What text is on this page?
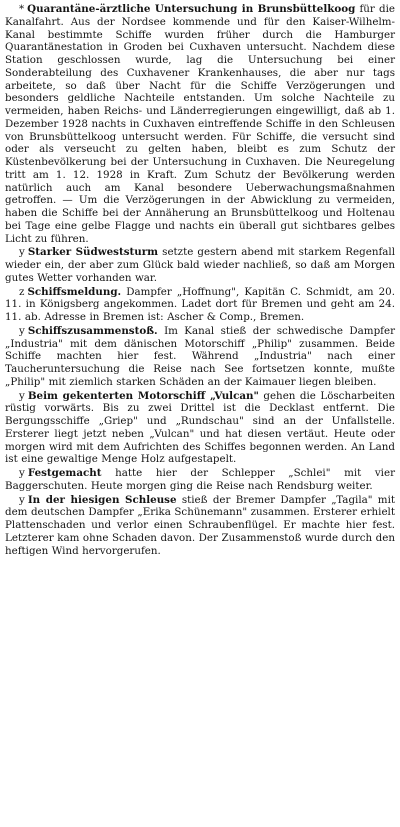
* Quarantäne-ärztliche Untersuchung in Brunsbüttelkoog für die Kanalfahrt. Aus der Nordsee kommende und für den Kaiser-Wilhelm-Kanal bestimmte Schiffe wurden früher durch die Hamburger Quarantänestation in Groden bei Cuxhaven untersucht. Nachdem diese Station geschlossen wurde, lag die Untersuchung bei einer Sonderabteilung des Cuxhavener Krankenhauses, die aber nur tags arbeitete, so daß über Nacht für die Schiffe Verzögerungen und besonders geldliche Nachteile entstanden. Um solche Nachteile zu vermeiden, haben Reichs- und Länderregierungen eingewilligt, daß ab 1. Dezember 1928 nachts in Cuxhaven eintreffende Schiffe in den Schleusen von Brunsbüttelkoog untersucht werden. Für Schiffe, die versucht sind oder als verseucht zu gelten haben, bleibt es zum Schutz der Küstenbevölkerung bei der Untersuchung in Cuxhaven. Die Neuregelung tritt am 1. 12. 1928 in Kraft. Zum Schutz der Bevölkerung werden natürlich auch am Kanal besondere Ueberwachungsmaßnahmen getroffen. — Um die Verzögerungen in der Abwicklung zu vermeiden, haben die Schiffe bei der Annäherung an Brunsbüttelkoog und Holtenau bei Tage eine gelbe Flagge und nachts ein überall gut sichtbares gelbes Licht zu führen.

y Starker Südweststurm setzte gestern abend mit starkem Regenfall wieder ein, der aber zum Glück bald wieder nachließ, so daß am Morgen gutes Wetter vorhanden war.

z Schiffsmeldung. Dampfer „Hoffnung", Kapitän C. Schmidt, am 20. 11. in Königsberg angekommen. Ladet dort für Bremen und geht am 24. 11. ab. Adresse in Bremen ist: Ascher & Comp., Bremen.

y Schiffszusammenstoß. Im Kanal stieß der schwedische Dampfer „Industria" mit dem dänischen Motorschiff „Philip" zusammen. Beide Schiffe machten hier fest. Während „Industria" nach einer Taucheruntersuchung die Reise nach See fortsetzen konnte, mußte „Philip" mit ziemlich starken Schäden an der Kaimauer liegen bleiben.

y Beim gekenterten Motorschiff „Vulcan" gehen die Löscharbeiten rüstig vorwärts. Bis zu zwei Drittel ist die Decklast entfernt. Die Bergungsschiffe „Griep" und „Rundschau" sind an der Unfallstelle. Ersterer liegt jetzt neben „Vulcan" und hat diesen vertäut. Heute oder morgen wird mit dem Aufrichten des Schiffes begonnen werden. An Land ist eine gewaltige Menge Holz aufgestapelt.

y Festgemacht hatte hier der Schlepper „Schlei" mit vier Baggerschuten. Heute morgen ging die Reise nach Rendsburg weiter.

y In der hiesigen Schleuse stieß der Bremer Dampfer „Tagila" mit dem deutschen Dampfer „Erika Schünemann" zusammen. Ersterer erhielt Plattenschaden und verlor einen Schraubenflügel. Er machte hier fest. Letzterer kam ohne Schaden davon. Der Zusammenstoß wurde durch den heftigen Wind hervorgerufen.
